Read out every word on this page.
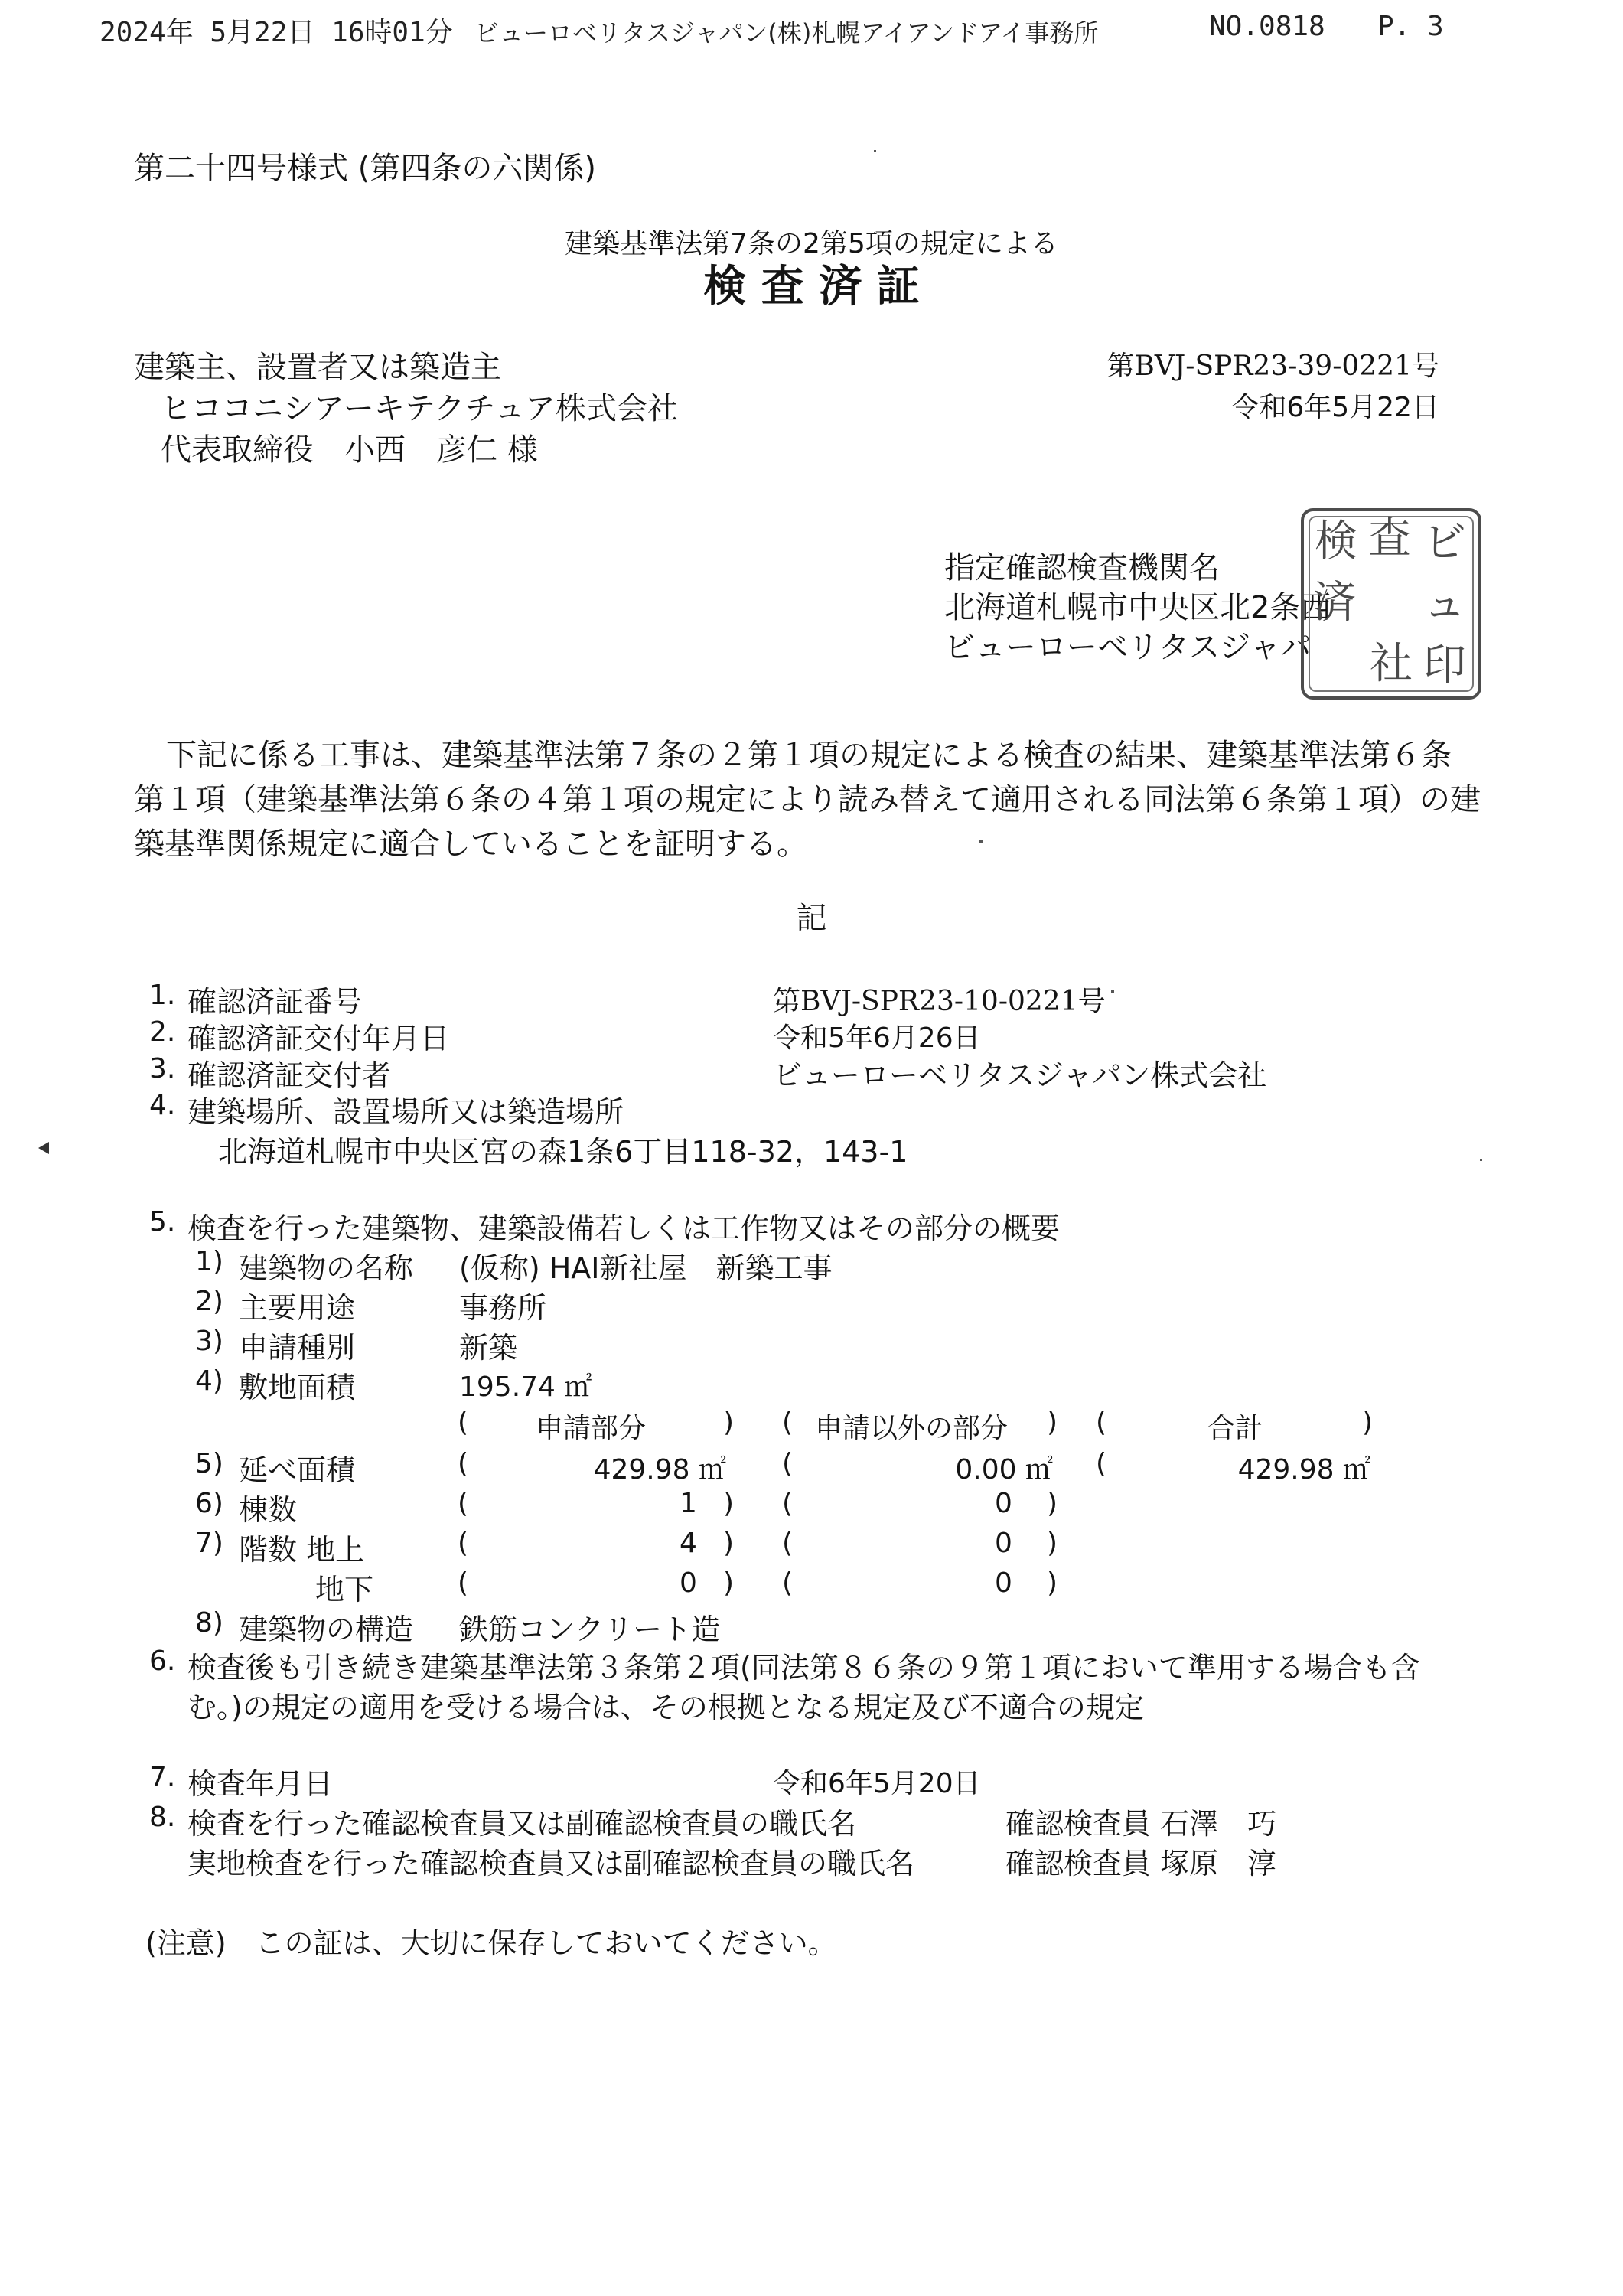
2024年 5月22日 16時01分 ビューロベリタスジャパン(株)札幌アイアンドアイ事務所	NO.0818 P. 3
第二十四号様式 (第四条の六関係)
建築基準法第7条の2第5項の規定による
検 査 済 証
建築主、設置者又は築造主
ヒココニシアーキテクチュア株式会社
代表取締役　小西　彦仁 様
第BVJ-SPR23-39-0221号
令和6年5月22日
指定確認検査機関名
北海道札幌市中央区北2条西
ビューローベリタスジャパ
検 査 ビ
済 ュ
社 印
下記に係る工事は、建築基準法第７条の２第１項の規定による検査の結果、建築基準法第６条第１項（建築基準法第６条の４第１項の規定により読み替えて適用される同法第６条第１項）の建築基準関係規定に適合していることを証明する。
記
1. 確認済証番号	第BVJ-SPR23-10-0221号
2. 確認済証交付年月日	令和5年6月26日
3. 確認済証交付者	ビューローベリタスジャパン株式会社
4. 建築場所、設置場所又は築造場所
北海道札幌市中央区宮の森1条6丁目118-32，143-1
5. 検査を行った建築物、建築設備若しくは工作物又はその部分の概要
1) 建築物の名称 (仮称) HAI新社屋　新築工事
2) 主要用途	事務所
3) 申請種別	新築
4) 敷地面積	195.74 ㎡
( 申請部分	) ( 申請以外の部分 ) (	合計	)
5) 延べ面積	(	429.98 ㎡ (	0.00 ㎡ (	429.98 ㎡
6) 棟数	(	1 ) (	0 )
7) 階数 地上	(	4 ) (	0 )
地下	(	0 ) (	0 )
8) 建築物の構造 鉄筋コンクリート造
6. 検査後も引き続き建築基準法第３条第２項(同法第８６条の９第１項において準用する場合も含
む。)の規定の適用を受ける場合は、その根拠となる規定及び不適合の規定
7. 検査年月日	令和6年5月20日
8. 検査を行った確認検査員又は副確認検査員の職氏名	確認検査員 石澤　巧
実地検査を行った確認検査員又は副確認検査員の職氏名	確認検査員 塚原　淳
(注意)　この証は、大切に保存しておいてください。
